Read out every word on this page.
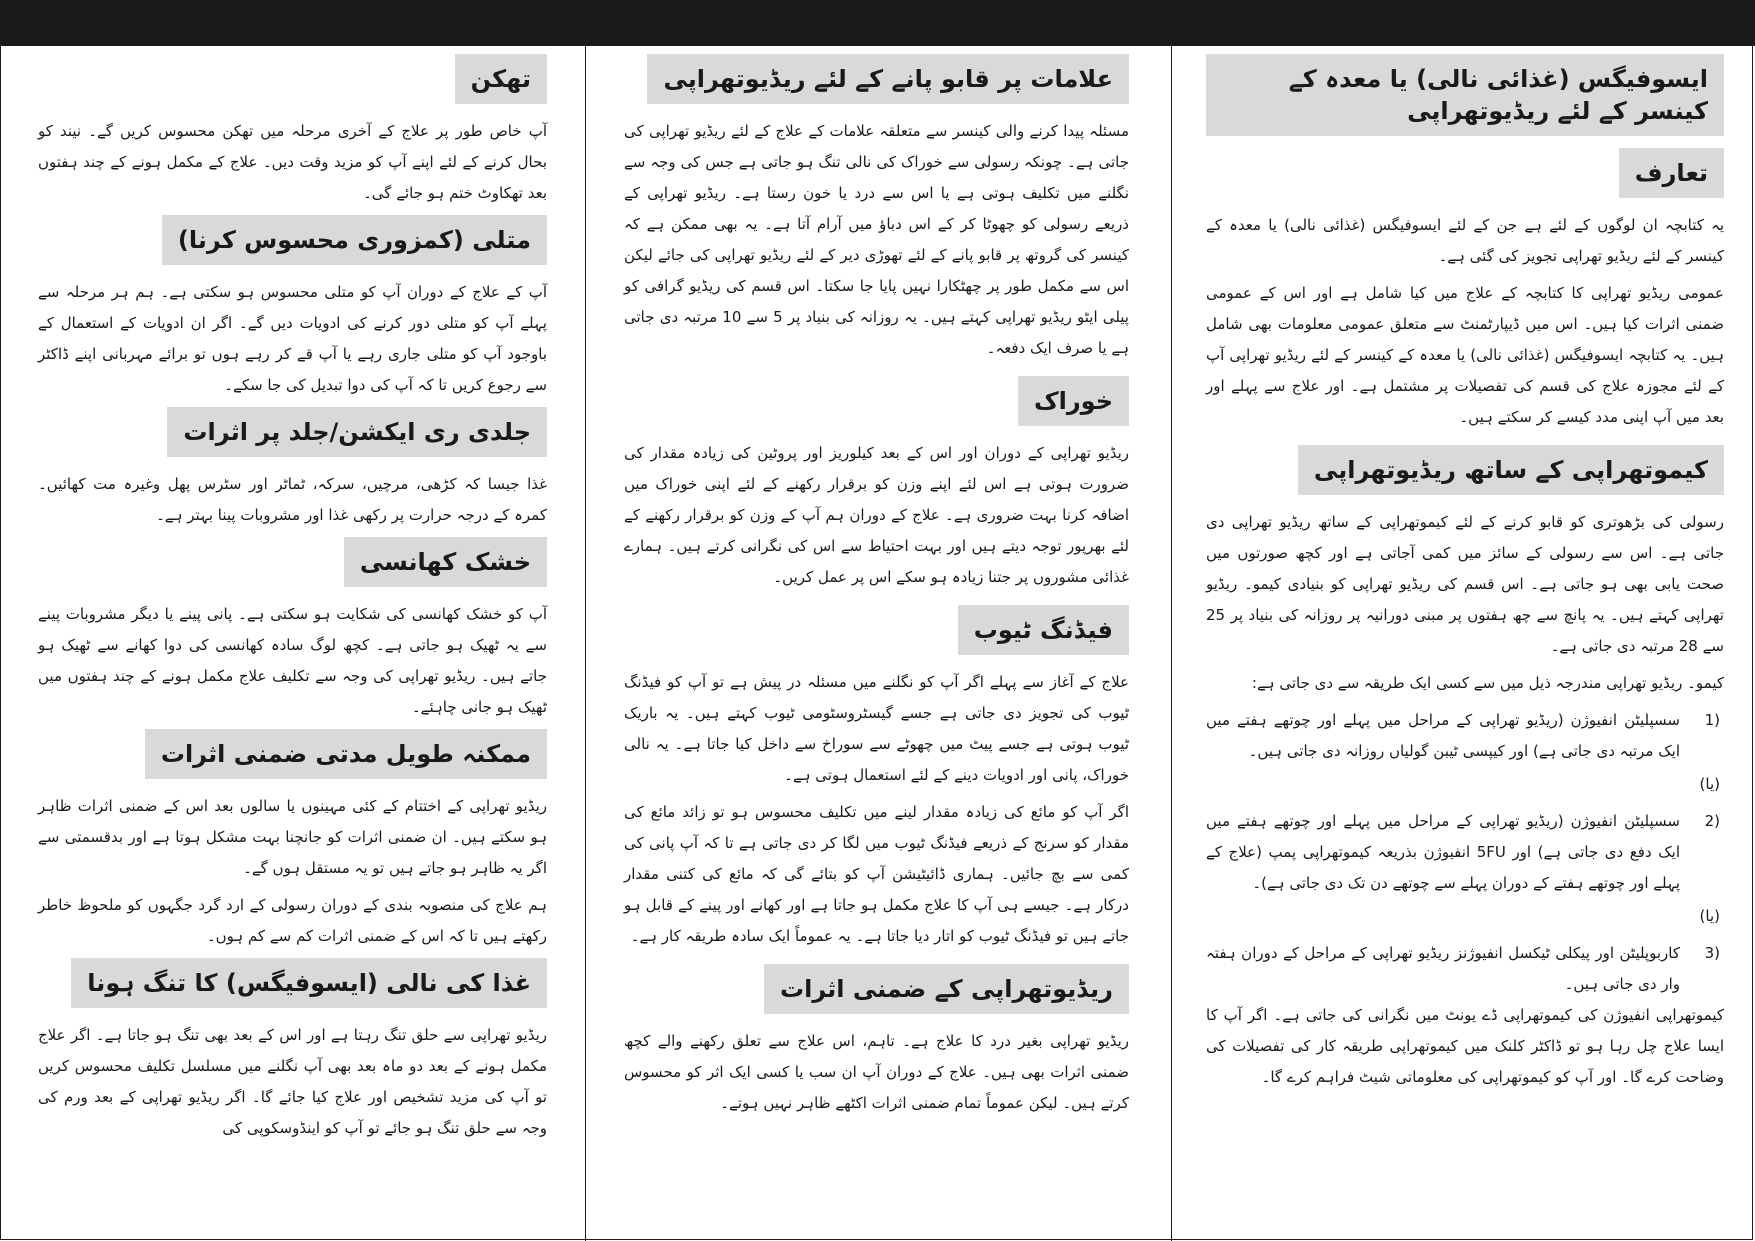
ایسوفیگس (غذائی نالی) یا معدہ کے کینسر کے لئے ریڈیوتھراپی
تعارف

یہ کتابچہ ان لوگوں کے لئے ہے جن کے لئے ایسوفیگس (غذائی نالی) یا معدہ کے کینسر کے لئے ریڈیو تھراپی تجویز کی گئی ہے۔

عمومی ریڈیو تھراپی کا کتابچہ کے علاج میں کیا شامل ہے اور اس کے عمومی ضمنی اثرات کیا ہیں۔ اس میں ڈیپارٹمنٹ سے متعلق عمومی معلومات بھی شامل ہیں۔ یہ کتابچہ ایسوفیگس (غذائی نالی) یا معدہ کے کینسر کے لئے ریڈیو تھراپی آپ کے لئے مجوزہ علاج کی قسم کی تفصیلات پر مشتمل ہے۔ اور علاج سے پہلے اور بعد میں آپ اپنی مدد کیسے کر سکتے ہیں۔

کیموتھراپی کے ساتھ ریڈیوتھراپی

رسولی کی بڑھوتری کو قابو کرنے کے لئے کیموتھراپی کے ساتھ ریڈیو تھراپی دی جاتی ہے۔ اس سے رسولی کے سائز میں کمی آجاتی ہے اور کچھ صورتوں میں صحت یابی بھی ہو جاتی ہے۔ اس قسم کی ریڈیو تھراپی کو بنیادی کیمو۔ ریڈیو تھراپی کہتے ہیں۔ یہ پانچ سے چھ ہفتوں پر مبنی دورانیہ پر روزانہ کی بنیاد پر 25 سے 28 مرتبہ دی جاتی ہے۔

کیمو۔ ریڈیو تھراپی مندرجہ ذیل میں سے کسی ایک طریقہ سے دی جاتی ہے:

1)
سسپلیٹن انفیوژن (ریڈیو تھراپی کے مراحل میں پہلے اور چوتھے ہفتے میں ایک مرتبہ دی جاتی ہے) اور کیپسی ٹیبن گولیاں روزانہ دی جاتی ہیں۔
(یا)
2)
سسپلیٹن انفیوژن (ریڈیو تھراپی کے مراحل میں پہلے اور چوتھے ہفتے میں ایک دفع دی جاتی ہے) اور 5FU انفیوژن بذریعہ کیموتھراپی پمپ (علاج کے پہلے اور چوتھے ہفتے کے دوران پہلے سے چوتھے دن تک دی جاتی ہے)۔
(یا)
3)
کاربوپلیٹن اور پیکلی ٹیکسل انفیوژنز ریڈیو تھراپی کے مراحل کے دوران ہفتہ وار دی جاتی ہیں۔

کیموتھراپی انفیوژن کی کیموتھراپی ڈے یونٹ میں نگرانی کی جاتی ہے۔ اگر آپ کا ایسا علاج چل رہا ہو تو ڈاکٹر کلنک میں کیموتھراپی طریقہ کار کی تفصیلات کی وضاحت کرے گا۔ اور آپ کو کیموتھراپی کی معلوماتی شیٹ فراہم کرے گا۔

علامات پر قابو پانے کے لئے ریڈیوتھراپی

مسئلہ پیدا کرنے والی کینسر سے متعلقہ علامات کے علاج کے لئے ریڈیو تھراپی کی جاتی ہے۔ چونکہ رسولی سے خوراک کی نالی تنگ ہو جاتی ہے جس کی وجہ سے نگلنے میں تکلیف ہوتی ہے یا اس سے درد یا خون رستا ہے۔ ریڈیو تھراپی کے ذریعے رسولی کو چھوٹا کر کے اس دباؤ میں آرام آتا ہے۔ یہ بھی ممکن ہے کہ کینسر کی گروتھ پر قابو پانے کے لئے تھوڑی دیر کے لئے ریڈیو تھراپی کی جائے لیکن اس سے مکمل طور پر چھٹکارا نہیں پایا جا سکتا۔ اس قسم کی ریڈیو گرافی کو پیلی ایٹو ریڈیو تھراپی کہتے ہیں۔ یہ روزانہ کی بنیاد پر 5 سے 10 مرتبہ دی جاتی ہے یا صرف ایک دفعہ۔

خوراک

ریڈیو تھراپی کے دوران اور اس کے بعد کیلوریز اور پروٹین کی زیادہ مقدار کی ضرورت ہوتی ہے اس لئے اپنے وزن کو برقرار رکھنے کے لئے اپنی خوراک میں اضافہ کرنا بہت ضروری ہے۔ علاج کے دوران ہم آپ کے وزن کو برقرار رکھنے کے لئے بھرپور توجہ دیتے ہیں اور بہت احتیاط سے اس کی نگرانی کرتے ہیں۔ ہمارے غذائی مشوروں پر جتنا زیادہ ہو سکے اس پر عمل کریں۔

فیڈنگ ٹیوب

علاج کے آغاز سے پہلے اگر آپ کو نگلنے میں مسئلہ در پیش ہے تو آپ کو فیڈنگ ٹیوب کی تجویز دی جاتی ہے جسے گیسٹروسٹومی ٹیوب کہتے ہیں۔ یہ باریک ٹیوب ہوتی ہے جسے پیٹ میں چھوٹے سے سوراخ سے داخل کیا جاتا ہے۔ یہ نالی خوراک، پانی اور ادویات دینے کے لئے استعمال ہوتی ہے۔

اگر آپ کو مائع کی زیادہ مقدار لینے میں تکلیف محسوس ہو تو زائد مائع کی مقدار کو سرنج کے ذریعے فیڈنگ ٹیوب میں لگا کر دی جاتی ہے تا کہ آپ پانی کی کمی سے بچ جائیں۔ ہماری ڈائیٹیشن آپ کو بتائے گی کہ مائع کی کتنی مقدار درکار ہے۔ جیسے ہی آپ کا علاج مکمل ہو جاتا ہے اور کھانے اور پینے کے قابل ہو جاتے ہیں تو فیڈنگ ٹیوب کو اتار دیا جاتا ہے۔ یہ عموماً ایک سادہ طریقہ کار ہے۔

ریڈیوتھراپی کے ضمنی اثرات

ریڈیو تھراپی بغیر درد کا علاج ہے۔ تاہم، اس علاج سے تعلق رکھنے والے کچھ ضمنی اثرات بھی ہیں۔ علاج کے دوران آپ ان سب یا کسی ایک اثر کو محسوس کرتے ہیں۔ لیکن عموماً تمام ضمنی اثرات اکٹھے ظاہر نہیں ہوتے۔

تھکن

آپ خاص طور پر علاج کے آخری مرحلہ میں تھکن محسوس کریں گے۔ نیند کو بحال کرنے کے لئے اپنے آپ کو مزید وقت دیں۔ علاج کے مکمل ہونے کے چند ہفتوں بعد تھکاوٹ ختم ہو جائے گی۔

متلی (کمزوری محسوس کرنا)

آپ کے علاج کے دوران آپ کو متلی محسوس ہو سکتی ہے۔ ہم ہر مرحلہ سے پہلے آپ کو متلی دور کرنے کی ادویات دیں گے۔ اگر ان ادویات کے استعمال کے باوجود آپ کو متلی جاری رہے یا آپ قے کر رہے ہوں تو برائے مہربانی اپنے ڈاکٹر سے رجوع کریں تا کہ آپ کی دوا تبدیل کی جا سکے۔

جلدی ری ایکشن/جلد پر اثرات

غذا جیسا کہ کڑھی، مرچیں، سرکہ، ٹماٹر اور سٹرس پھل وغیرہ مت کھائیں۔ کمرہ کے درجہ حرارت پر رکھی غذا اور مشروبات پینا بہتر ہے۔

خشک کھانسی

آپ کو خشک کھانسی کی شکایت ہو سکتی ہے۔ پانی پینے یا دیگر مشروبات پینے سے یہ ٹھیک ہو جاتی ہے۔ کچھ لوگ سادہ کھانسی کی دوا کھانے سے ٹھیک ہو جاتے ہیں۔ ریڈیو تھراپی کی وجہ سے تکلیف علاج مکمل ہونے کے چند ہفتوں میں ٹھیک ہو جانی چاہئے۔

ممکنہ طویل مدتی ضمنی اثرات

ریڈیو تھراپی کے اختتام کے کئی مہینوں یا سالوں بعد اس کے ضمنی اثرات ظاہر ہو سکتے ہیں۔ ان ضمنی اثرات کو جانچنا بہت مشکل ہوتا ہے اور بدقسمتی سے اگر یہ ظاہر ہو جاتے ہیں تو یہ مستقل ہوں گے۔

ہم علاج کی منصوبہ بندی کے دوران رسولی کے ارد گرد جگہوں کو ملحوظ خاطر رکھتے ہیں تا کہ اس کے ضمنی اثرات کم سے کم ہوں۔

غذا کی نالی (ایسوفیگس) کا تنگ ہونا

ریڈیو تھراپی سے حلق تنگ رہتا ہے اور اس کے بعد بھی تنگ ہو جاتا ہے۔ اگر علاج مکمل ہونے کے بعد دو ماہ بعد بھی آپ نگلنے میں مسلسل تکلیف محسوس کریں تو آپ کی مزید تشخیص اور علاج کیا جائے گا۔ اگر ریڈیو تھراپی کے بعد ورم کی وجہ سے حلق تنگ ہو جائے تو آپ کو اینڈوسکوپی کی
